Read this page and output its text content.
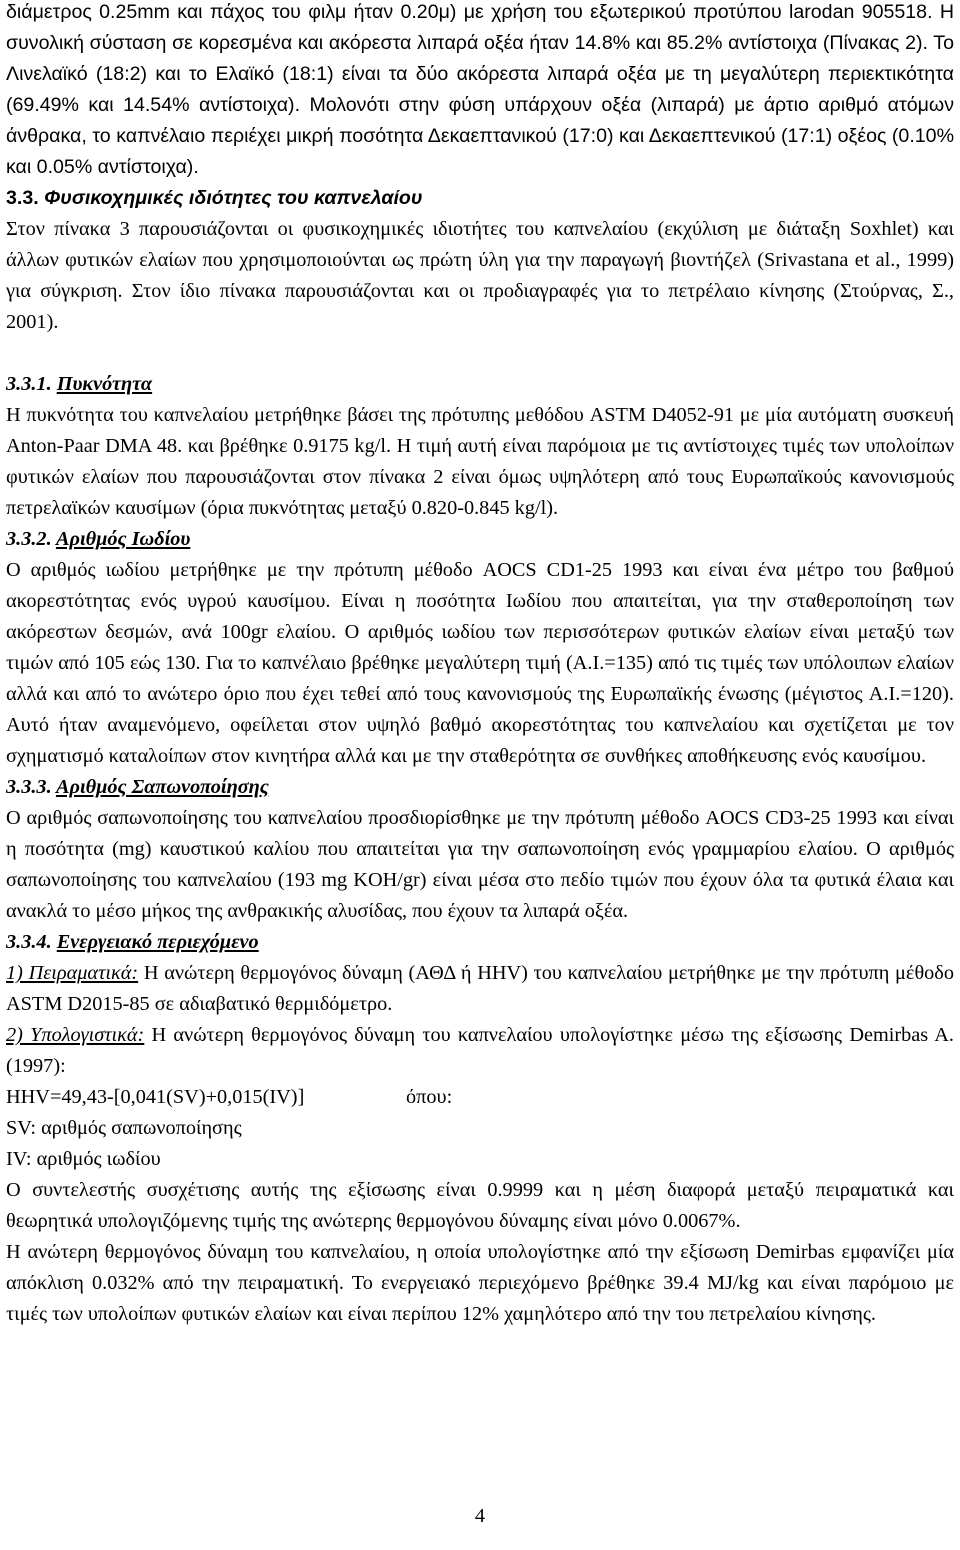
διάμετρος 0.25mm και πάχος του φιλμ ήταν 0.20μ) με χρήση του εξωτερικού προτύπου larodan 905518. Η συνολική σύσταση σε κορεσμένα και ακόρεστα λιπαρά οξέα ήταν 14.8% και 85.2% αντίστοιχα (Πίνακας 2). Το Λινελαϊκό (18:2) και το Ελαϊκό (18:1) είναι τα δύο ακόρεστα λιπαρά οξέα με τη μεγαλύτερη περιεκτικότητα (69.49% και 14.54% αντίστοιχα). Μολονότι στην φύση υπάρχουν οξέα (λιπαρά) με άρτιο αριθμό ατόμων άνθρακα, το καπνέλαιο περιέχει μικρή ποσότητα Δεκαεπτανικού (17:0) και Δεκαεπτενικού (17:1) οξέος (0.10% και 0.05% αντίστοιχα).

3.3. Φυσικοχημικές ιδιότητες του καπνελαίου

Στον πίνακα 3 παρουσιάζονται οι φυσικοχημικές ιδιοτήτες του καπνελαίου (εκχύλιση με διάταξη Soxhlet) και άλλων φυτικών ελαίων που χρησιμοποιούνται ως πρώτη ύλη για την παραγωγή βιοντήζελ (Srivastana et al., 1999) για σύγκριση. Στον ίδιο πίνακα παρουσιάζονται και οι προδιαγραφές για το πετρέλαιο κίνησης (Στούρνας, Σ., 2001).

3.3.1. Πυκνότητα

Η πυκνότητα του καπνελαίου μετρήθηκε βάσει της πρότυπης μεθόδου ASTM D4052-91 με μία αυτόματη συσκευή Anton-Paar DMA 48. και βρέθηκε 0.9175 kg/l. Η τιμή αυτή είναι παρόμοια με τις αντίστοιχες τιμές των υπολοίπων φυτικών ελαίων που παρουσιάζονται στον πίνακα 2 είναι όμως υψηλότερη από τους Ευρωπαϊκούς κανονισμούς πετρελαϊκών καυσίμων (όρια πυκνότητας μεταξύ 0.820-0.845 kg/l).

3.3.2. Αριθμός Ιωδίου

Ο αριθμός ιωδίου μετρήθηκε με την πρότυπη μέθοδο AOCS CD1-25 1993 και είναι ένα μέτρο του βαθμού ακορεστότητας ενός υγρού καυσίμου. Είναι η ποσότητα Ιωδίου που απαιτείται, για την σταθεροποίηση των ακόρεστων δεσμών, ανά 100gr ελαίου. Ο αριθμός ιωδίου των περισσότερων φυτικών ελαίων είναι μεταξύ των τιμών από 105 εώς 130. Για το καπνέλαιο βρέθηκε μεγαλύτερη τιμή (A.I.=135) από τις τιμές των υπόλοιπων ελαίων αλλά και από το ανώτερο όριο που έχει τεθεί από τους κανονισμούς της Ευρωπαϊκής ένωσης (μέγιστος A.I.=120). Αυτό ήταν αναμενόμενο, οφείλεται στον υψηλό βαθμό ακορεστότητας του καπνελαίου και σχετίζεται με τον σχηματισμό καταλοίπων στον κινητήρα αλλά και με την σταθερότητα σε συνθήκες αποθήκευσης ενός καυσίμου.

3.3.3. Αριθμός Σαπωνοποίησης

Ο αριθμός σαπωνοποίησης του καπνελαίου προσδιορίσθηκε με την πρότυπη μέθοδο AOCS CD3-25 1993 και είναι η ποσότητα (mg) καυστικού καλίου που απαιτείται για την σαπωνοποίηση ενός γραμμαρίου ελαίου. Ο αριθμός σαπωνοποίησης του καπνελαίου (193 mg KOH/gr) είναι μέσα στο πεδίο τιμών που έχουν όλα τα φυτικά έλαια και ανακλά το μέσο μήκος της ανθρακικής αλυσίδας, που έχουν τα λιπαρά οξέα.

3.3.4. Ενεργειακό περιεχόμενο

1) Πειραματικά: Η ανώτερη θερμογόνος δύναμη (ΑΘΔ ή HHV) του καπνελαίου μετρήθηκε με την πρότυπη μέθοδο ASTM D2015-85 σε αδιαβατικό θερμιδόμετρο.

2) Υπολογιστικά: Η ανώτερη θερμογόνος δύναμη του καπνελαίου υπολογίστηκε μέσω της εξίσωσης Demirbas A. (1997):

HHV=49,43-[0,041(SV)+0,015(IV)]	όπου:

SV: αριθμός σαπωνοποίησης

IV: αριθμός ιωδίου

Ο συντελεστής συσχέτισης αυτής της εξίσωσης είναι 0.9999 και η μέση διαφορά μεταξύ πειραματικά και θεωρητικά υπολογιζόμενης τιμής της ανώτερης θερμογόνου δύναμης είναι μόνο 0.0067%.

Η ανώτερη θερμογόνος δύναμη του καπνελαίου, η οποία υπολογίστηκε από την εξίσωση Demirbas εμφανίζει μία απόκλιση 0.032% από την πειραματική. Το ενεργειακό περιεχόμενο βρέθηκε 39.4 MJ/kg και είναι παρόμοιο με τιμές των υπολοίπων φυτικών ελαίων και είναι περίπου 12% χαμηλότερο από την του πετρελαίου κίνησης.

4
